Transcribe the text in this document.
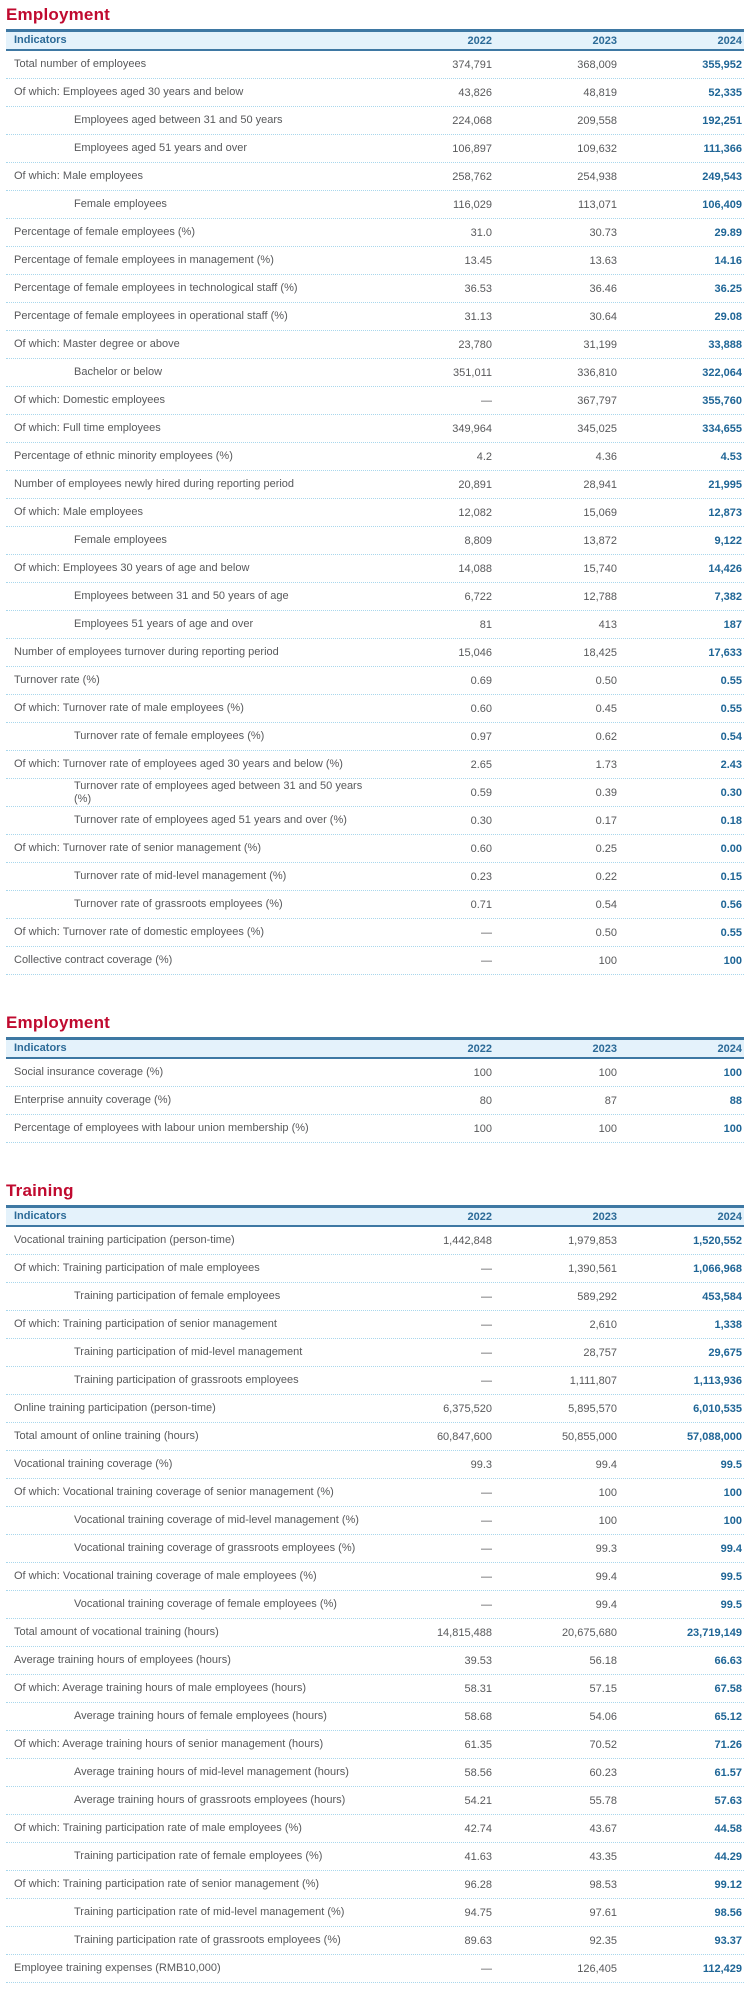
Employment
Indicators	2022	2023	2024
Total number of employees	374,791	368,009	355,952
Of which: Employees aged 30 years and below	43,826	48,819	52,335
Employees aged between 31 and 50 years	224,068	209,558	192,251
Employees aged 51 years and over	106,897	109,632	111,366
Of which: Male employees	258,762	254,938	249,543
Female employees	116,029	113,071	106,409
Percentage of female employees (%)	31.0	30.73	29.89
Percentage of female employees in management (%)	13.45	13.63	14.16
Percentage of female employees in technological staff (%)	36.53	36.46	36.25
Percentage of female employees in operational staff (%)	31.13	30.64	29.08
Of which: Master degree or above	23,780	31,199	33,888
Bachelor or below	351,011	336,810	322,064
Of which: Domestic employees	—	367,797	355,760
Of which: Full time employees	349,964	345,025	334,655
Percentage of ethnic minority employees (%)	4.2	4.36	4.53
Number of employees newly hired during reporting period	20,891	28,941	21,995
Of which: Male employees	12,082	15,069	12,873
Female employees	8,809	13,872	9,122
Of which: Employees 30 years of age and below	14,088	15,740	14,426
Employees between 31 and 50 years of age	6,722	12,788	7,382
Employees 51 years of age and over	81	413	187
Number of employees turnover during reporting period	15,046	18,425	17,633
Turnover rate (%)	0.69	0.50	0.55
Of which: Turnover rate of male employees (%)	0.60	0.45	0.55
Turnover rate of female employees (%)	0.97	0.62	0.54
Of which: Turnover rate of employees aged 30 years and below (%)	2.65	1.73	2.43
Turnover rate of employees aged between 31 and 50 years (%)	0.59	0.39	0.30
Turnover rate of employees aged 51 years and over (%)	0.30	0.17	0.18
Of which: Turnover rate of senior management (%)	0.60	0.25	0.00
Turnover rate of mid-level management (%)	0.23	0.22	0.15
Turnover rate of grassroots employees (%)	0.71	0.54	0.56
Of which: Turnover rate of domestic employees (%)	—	0.50	0.55
Collective contract coverage (%)	—	100	100
Employment
Indicators	2022	2023	2024
Social insurance coverage (%)	100	100	100
Enterprise annuity coverage (%)	80	87	88
Percentage of employees with labour union membership (%)	100	100	100
Training
Indicators	2022	2023	2024
Vocational training participation (person-time)	1,442,848	1,979,853	1,520,552
Of which: Training participation of male employees	—	1,390,561	1,066,968
Training participation of female employees	—	589,292	453,584
Of which: Training participation of senior management	—	2,610	1,338
Training participation of mid-level management	—	28,757	29,675
Training participation of grassroots employees	—	1,111,807	1,113,936
Online training participation (person-time)	6,375,520	5,895,570	6,010,535
Total amount of online training (hours)	60,847,600	50,855,000	57,088,000
Vocational training coverage (%)	99.3	99.4	99.5
Of which: Vocational training coverage of senior management (%)	—	100	100
Vocational training coverage of mid-level management (%)	—	100	100
Vocational training coverage of grassroots employees (%)	—	99.3	99.4
Of which: Vocational training coverage of male employees (%)	—	99.4	99.5
Vocational training coverage of female employees (%)	—	99.4	99.5
Total amount of vocational training (hours)	14,815,488	20,675,680	23,719,149
Average training hours of employees (hours)	39.53	56.18	66.63
Of which: Average training hours of male employees (hours)	58.31	57.15	67.58
Average training hours of female employees (hours)	58.68	54.06	65.12
Of which: Average training hours of senior management (hours)	61.35	70.52	71.26
Average training hours of mid-level management (hours)	58.56	60.23	61.57
Average training hours of grassroots employees (hours)	54.21	55.78	57.63
Of which: Training participation rate of male employees (%)	42.74	43.67	44.58
Training participation rate of female employees (%)	41.63	43.35	44.29
Of which: Training participation rate of senior management (%)	96.28	98.53	99.12
Training participation rate of mid-level management (%)	94.75	97.61	98.56
Training participation rate of grassroots employees (%)	89.63	92.35	93.37
Employee training expenses (RMB10,000)	—	126,405	112,429
